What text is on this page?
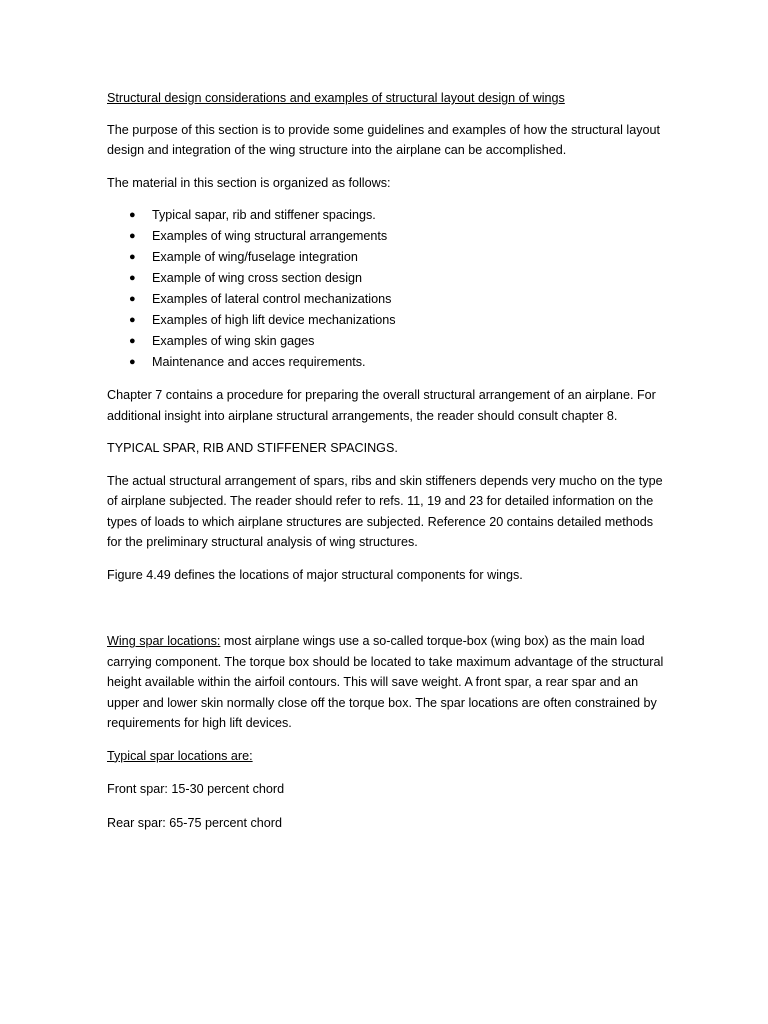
Structural design considerations and examples of structural layout design of wings

The purpose of this section is to provide some guidelines and examples of how the structural layout design and integration of the wing structure into the airplane can be accomplished.

The material in this section is organized as follows:

● Typical sapar, rib and stiffener spacings.
● Examples of wing structural arrangements
● Example of wing/fuselage integration
● Example of wing cross section design
● Examples of lateral control mechanizations
● Examples of high lift device mechanizations
● Examples of wing skin gages
● Maintenance and acces requirements.

Chapter 7 contains a procedure for preparing the overall structural arrangement of an airplane. For additional insight into airplane structural arrangements, the reader should consult chapter 8.

TYPICAL SPAR, RIB AND STIFFENER SPACINGS.

The actual structural arrangement of spars, ribs and skin stiffeners depends very mucho on the type of airplane subjected. The reader should refer to refs. 11, 19 and 23 for detailed information on the types of loads to which airplane structures are subjected. Reference 20 contains detailed methods for the preliminary structural analysis of wing structures.

Figure 4.49 defines the locations of major structural components for wings.

Wing spar locations: most airplane wings use a so-called torque-box (wing box) as the main load carrying component. The torque box should be located to take maximum advantage of the structural height available within the airfoil contours. This will save weight. A front spar, a rear spar and an upper and lower skin normally close off the torque box. The spar locations are often constrained by requirements for high lift devices.

Typical spar locations are:

Front spar: 15-30 percent chord

Rear spar: 65-75 percent chord
